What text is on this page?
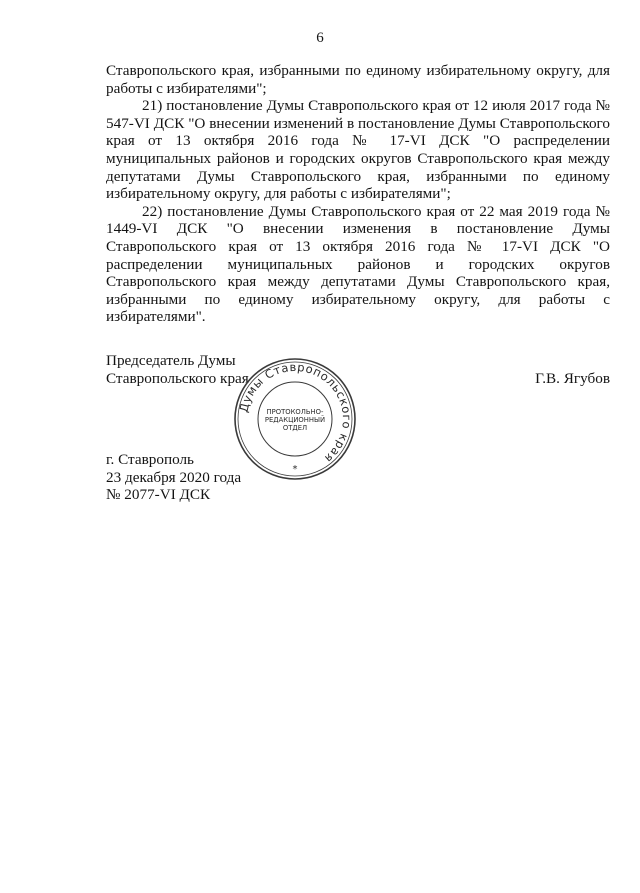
6

Ставропольского края, избранными по единому избирательному округу, для работы с избирателями";

21) постановление Думы Ставропольского края от 12 июля 2017 года № 547-VI ДСК "О внесении изменений в постановление Думы Ставропольского края от 13 октября 2016 года № 17-VI ДСК "О распределении муниципальных районов и городских округов Ставропольского края между депутатами Думы Ставропольского края, избранными по единому избирательному округу, для работы с избирателями";

22) постановление Думы Ставропольского края от 22 мая 2019 года № 1449-VI ДСК "О внесении изменения в постановление Думы Ставропольского края от 13 октября 2016 года № 17-VI ДСК "О распределении муниципальных районов и городских округов Ставропольского края между депутатами Думы Ставропольского края, избранными по единому избирательному округу, для работы с избирателями".

Председатель Думы
Ставропольского края	Г.В. Ягубов
Думы Ставропольского края
ПРОТОКОЛЬНО-
РЕДАКЦИОННЫЙ
ОТДЕЛ
*
г. Ставрополь
23 декабря 2020 года
№ 2077-VI ДСК
